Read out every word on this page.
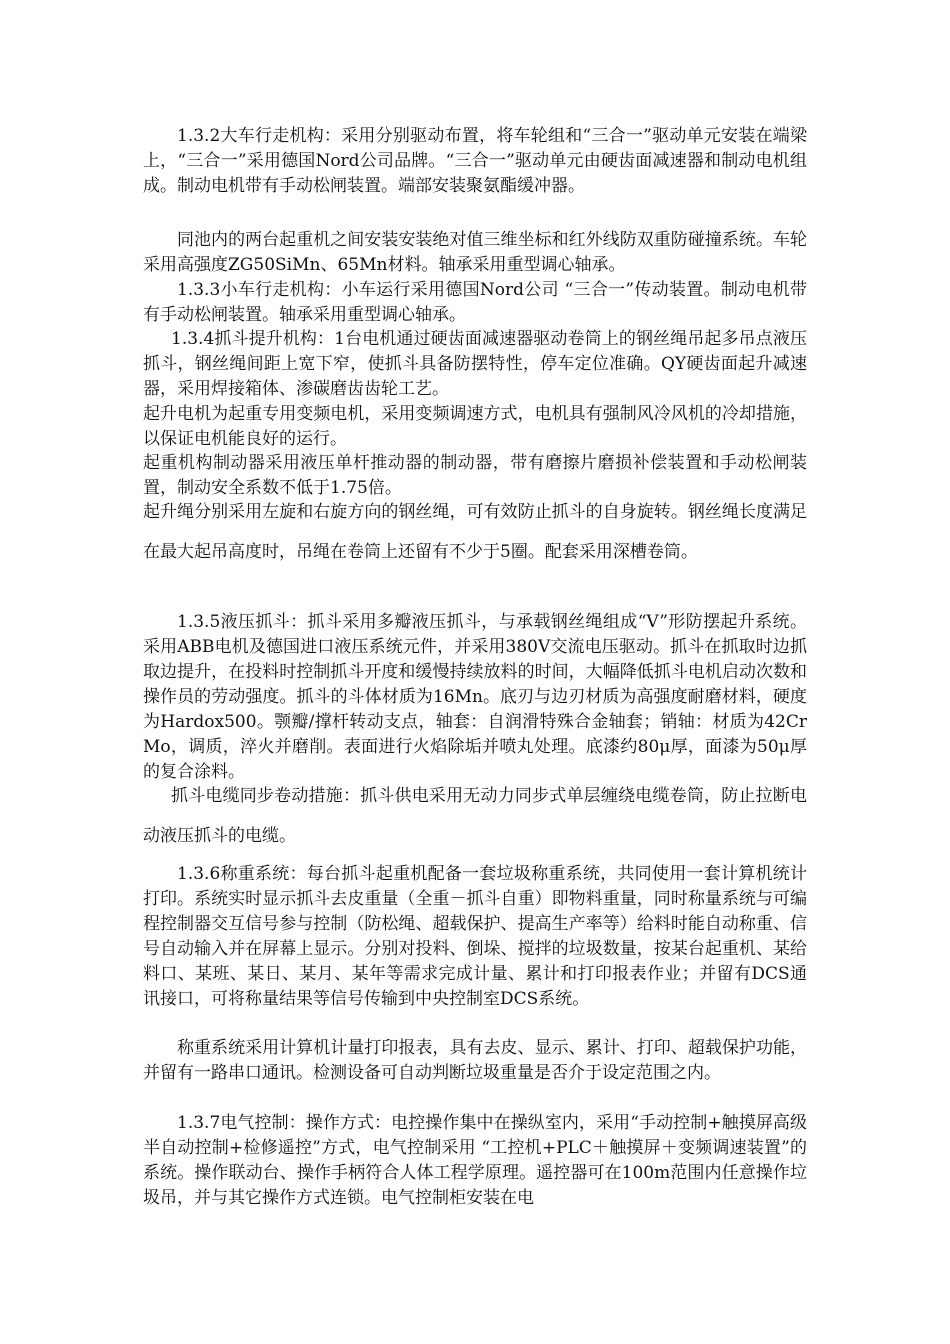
1.3.2大车行走机构：采用分别驱动布置，将车轮组和“三合一”驱动单元安装在端梁上，“三合一”采用德国Nord公司品牌。“三合一”驱动单元由硬齿面减速器和制动电机组成。制动电机带有手动松闸装置。端部安装聚氨酯缓冲器。

同池内的两台起重机之间安装安装绝对值三维坐标和红外线防双重防碰撞系统。车轮采用高强度ZG50SiMn、65Mn材料。轴承采用重型调心轴承。

1.3.3小车行走机构：小车运行采用德国Nord公司 “三合一”传动装置。制动电机带有手动松闸装置。轴承采用重型调心轴承。

1.3.4抓斗提升机构：1台电机通过硬齿面减速器驱动卷筒上的钢丝绳吊起多吊点液压抓斗，钢丝绳间距上宽下窄，使抓斗具备防摆特性，停车定位准确。QY硬齿面起升减速器，采用焊接箱体、渗碳磨齿齿轮工艺。

起升电机为起重专用变频电机，采用变频调速方式，电机具有强制风冷风机的冷却措施，以保证电机能良好的运行。

起重机构制动器采用液压单杆推动器的制动器，带有磨擦片磨损补偿装置和手动松闸装置，制动安全系数不低于1.75倍。

起升绳分别采用左旋和右旋方向的钢丝绳，可有效防止抓斗的自身旋转。钢丝绳长度满足在最大起吊高度时，吊绳在卷筒上还留有不少于5圈。配套采用深槽卷筒。

1.3.5液压抓斗：抓斗采用多瓣液压抓斗，与承载钢丝绳组成“V”形防摆起升系统。采用ABB电机及德国进口液压系统元件，并采用380V交流电压驱动。抓斗在抓取时边抓取边提升，在投料时控制抓斗开度和缓慢持续放料的时间，大幅降低抓斗电机启动次数和操作员的劳动强度。抓斗的斗体材质为16Mn。底刃与边刃材质为高强度耐磨材料，硬度为Hardox500。颚瓣/撑杆转动支点，轴套：自润滑特殊合金轴套；销轴：材质为42CrMo，调质，淬火并磨削。表面进行火焰除垢并喷丸处理。底漆约80μ厚，面漆为50μ厚的复合涂料。

抓斗电缆同步卷动措施：抓斗供电采用无动力同步式单层缠绕电缆卷筒，防止拉断电动液压抓斗的电缆。

1.3.6称重系统：每台抓斗起重机配备一套垃圾称重系统，共同使用一套计算机统计打印。系统实时显示抓斗去皮重量（全重－抓斗自重）即物料重量，同时称量系统与可编程控制器交互信号参与控制（防松绳、超载保护、提高生产率等）给料时能自动称重、信号自动输入并在屏幕上显示。分别对投料、倒垛、搅拌的垃圾数量，按某台起重机、某给料口、某班、某日、某月、某年等需求完成计量、累计和打印报表作业；并留有DCS通讯接口，可将称量结果等信号传输到中央控制室DCS系统。

称重系统采用计算机计量打印报表，具有去皮、显示、累计、打印、超载保护功能，并留有一路串口通讯。检测设备可自动判断垃圾重量是否介于设定范围之内。

1.3.7电气控制：操作方式：电控操作集中在操纵室内，采用“手动控制+触摸屏高级半自动控制+检修遥控”方式，电气控制采用 “工控机+PLC＋触摸屏＋变频调速装置”的系统。操作联动台、操作手柄符合人体工程学原理。遥控器可在100m范围内任意操作垃圾吊，并与其它操作方式连锁。电气控制柜安装在电
